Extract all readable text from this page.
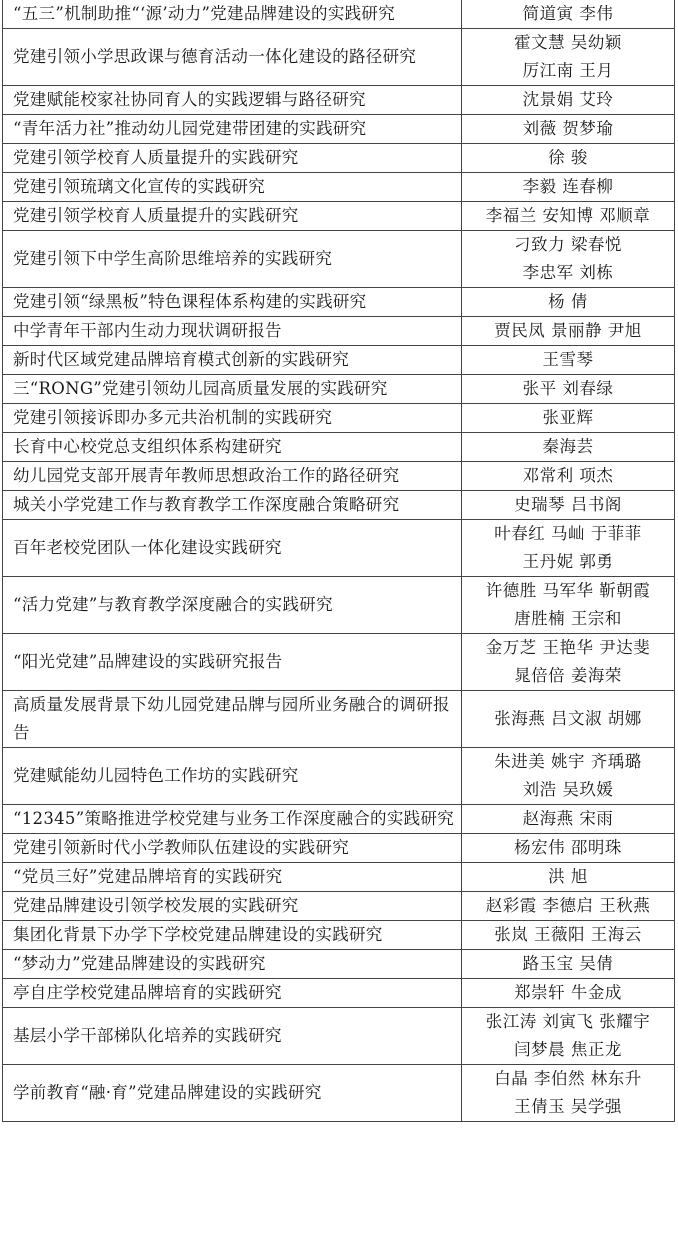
“五三”机制助推“‘源’动力”党建品牌建设的实践研究	简道寅 李伟

党建引领小学思政课与德育活动一体化建设的路径研究	霍文慧 吴幼颖
厉江南 王月

党建赋能校家社协同育人的实践逻辑与路径研究	沈景娟 艾玲

“青年活力社”推动幼儿园党建带团建的实践研究	刘薇 贺梦瑜

党建引领学校育人质量提升的实践研究	徐 骏

党建引领琉璃文化宣传的实践研究	李毅 连春柳

党建引领学校育人质量提升的实践研究	李福兰 安知博 邓顺章

党建引领下中学生高阶思维培养的实践研究	刁致力 梁春悦
李忠军 刘栋

党建引领“绿黑板”特色课程体系构建的实践研究	杨 倩

中学青年干部内生动力现状调研报告	贾民凤 景丽静 尹旭

新时代区域党建品牌培育模式创新的实践研究	王雪琴

三“RONG”党建引领幼儿园高质量发展的实践研究	张平 刘春绿

党建引领接诉即办多元共治机制的实践研究	张亚辉

长育中心校党总支组织体系构建研究	秦海芸

幼儿园党支部开展青年教师思想政治工作的路径研究	邓常利 项杰

城关小学党建工作与教育教学工作深度融合策略研究	史瑞琴 吕书阁

百年老校党团队一体化建设实践研究	叶春红 马屾 于菲菲
王丹妮 郭勇

“活力党建”与教育教学深度融合的实践研究	许德胜 马军华 靳朝霞
唐胜楠 王宗和

“阳光党建”品牌建设的实践研究报告	金万芝 王艳华 尹达斐
晁倍倍 姜海荣

高质量发展背景下幼儿园党建品牌与园所业务融合的调研报告	张海燕 吕文淑 胡娜

党建赋能幼儿园特色工作坊的实践研究	朱进美 姚宇 齐瑀璐
刘浩 吴玖媛

“12345”策略推进学校党建与业务工作深度融合的实践研究	赵海燕 宋雨

党建引领新时代小学教师队伍建设的实践研究	杨宏伟 邵明珠

“党员三好”党建品牌培育的实践研究	洪 旭

党建品牌建设引领学校发展的实践研究	赵彩霞 李德启 王秋燕

集团化背景下办学下学校党建品牌建设的实践研究	张岚 王薇阳 王海云

“梦动力”党建品牌建设的实践研究	路玉宝 吴倩

亭自庄学校党建品牌培育的实践研究	郑崇轩 牛金成

基层小学干部梯队化培养的实践研究	张江涛 刘寅飞 张耀宇
闫梦晨 焦正龙

学前教育“融·育”党建品牌建设的实践研究	白晶 李伯然 林东升
王倩玉 吴学强
